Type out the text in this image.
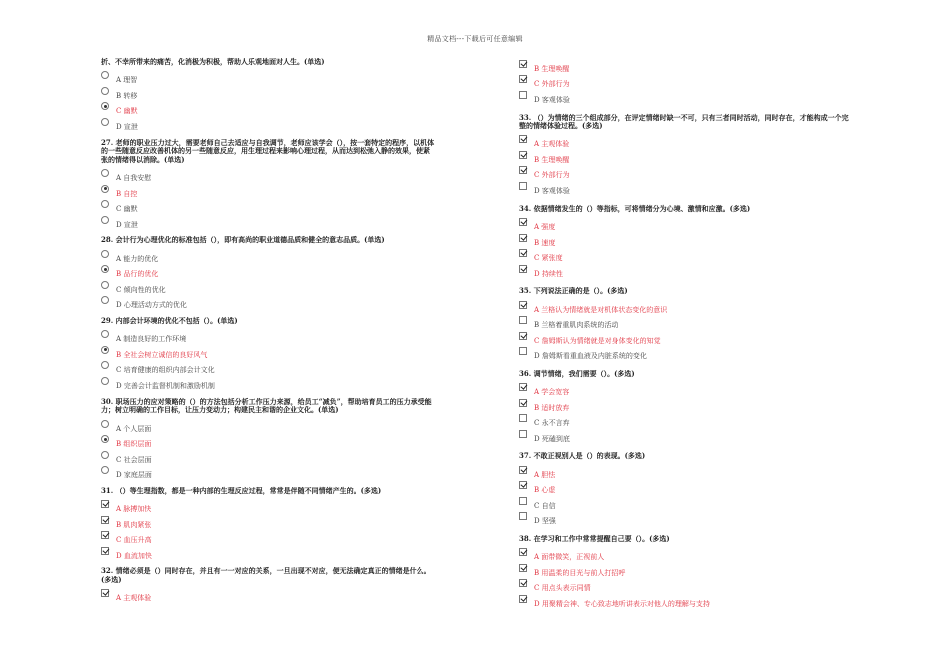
精品文档---下载后可任意编辑
折、不幸所带来的痛苦，化消极为积极，帮助人乐观地面对人生。(单选)
A 理智
B 转移
C 幽默
D 宣泄
27. 老师的职业压力过大，需要老师自己去适应与自我调节，老师应该学会（），按一套特定的程序，以机体的一些随意反应改善机体的另一些随意反应，用生理过程来影响心理过程，从而达到松弛入静的效果，使紧张的情绪得以消除。(单选)
A 自我安慰
B 自控
C 幽默
D 宣泄
28. 会计行为心理优化的标准包括（），即有高尚的职业道德品质和健全的意志品质。(单选)
A 能力的优化
B 品行的优化
C 倾向性的优化
D 心理活动方式的优化
29. 内部会计环境的优化不包括（）。(单选)
A 制造良好的工作环境
B 全社会树立诚信的良好风气
C 培育健康的组织内部会计文化
D 完善会计监督机制和激励机制
30. 职场压力的应对策略的（）的方法包括分析工作压力来源，给员工“减负”，帮助培育员工的压力承受能力；树立明确的工作目标，让压力变动力；构建民主和谐的企业文化。(单选)
A 个人层面
B 组织层面
C 社会层面
D 家庭层面
31. （）等生理指数，都是一种内部的生理反应过程，常常是伴随不同情绪产生的。(多选)
A 脉搏加快
B 肌肉紧张
C 血压升高
D 血流加快
32. 情绪必须是（）同时存在，并且有一一对应的关系，一旦出现不对应，便无法确定真正的情绪是什么。(多选)
A 主观体验
B 生理唤醒
C 外部行为
D 客观体验
33. （）为情绪的三个组成部分，在评定情绪时缺一不可，只有三者同时活动，同时存在，才能构成一个完整的情绪体验过程。(多选)
A 主观体验
B 生理唤醒
C 外部行为
D 客观体验
34. 依据情绪发生的（）等指标，可将情绪分为心境、激情和应激。(多选)
A 强度
B 速度
C 紧张度
D 持续性
35. 下列说法正确的是（）。(多选)
A 兰格认为情绪就是对机体状态变化的意识
B 兰格着重肌肉系统的活动
C 詹姆斯认为情绪就是对身体变化的知觉
D 詹姆斯看重血液及内脏系统的变化
36. 调节情绪，我们需要（）。(多选)
A 学会宽容
B 适时放弃
C 永不言弃
D 死磕到底
37. 不敢正视别人是（）的表现。(多选)
A 胆怯
B 心虚
C 自信
D 坚强
38. 在学习和工作中常常提醒自己要（）。(多选)
A 面带微笑，正视前人
B 用温柔的目光与前人打招呼
C 用点头表示同情
D 用聚精会神、专心致志地听讲表示对他人的理解与支持
